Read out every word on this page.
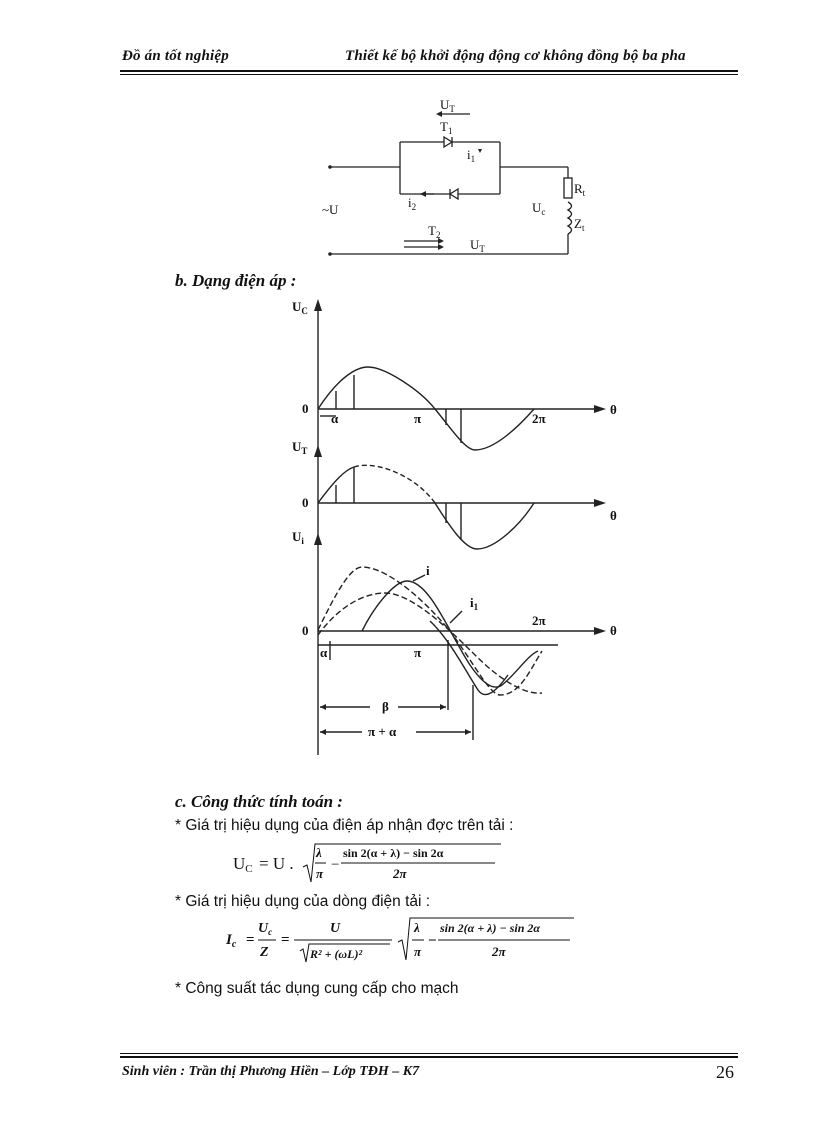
Đồ án tốt nghiệp	Thiết kế bộ khởi động động cơ không đồng bộ ba pha
$U_T$
$T_1$
$i_1$
$i_2$
~U	$U_c$
$R_t$
$Z_t$
$T_2$
$U_T$
b. Dạng điện áp :
$U_C$
$U_T$
$U_i$
0
0
0
θ
θ
θ
α	π	2π
i
$i_1$
2π
α	π
β
π + α
c. Công thức tính toán :
* Giá trị hiệu dụng của điện áp nhận đợc trên tải :
UC = U .
λ
π
−
sin 2(α + λ) − sin 2α
2π
* Giá trị hiệu dụng của dòng điện tải :
$I_c$ =
$U_c$
Z
=
U
R² + (ωL)²
λ
π
−
sin 2(α + λ) − sin 2α
2π
* Công suất tác dụng cung cấp cho mạch
Sinh viên : Trần thị Phương Hiền – Lớp TĐH – K7	26
